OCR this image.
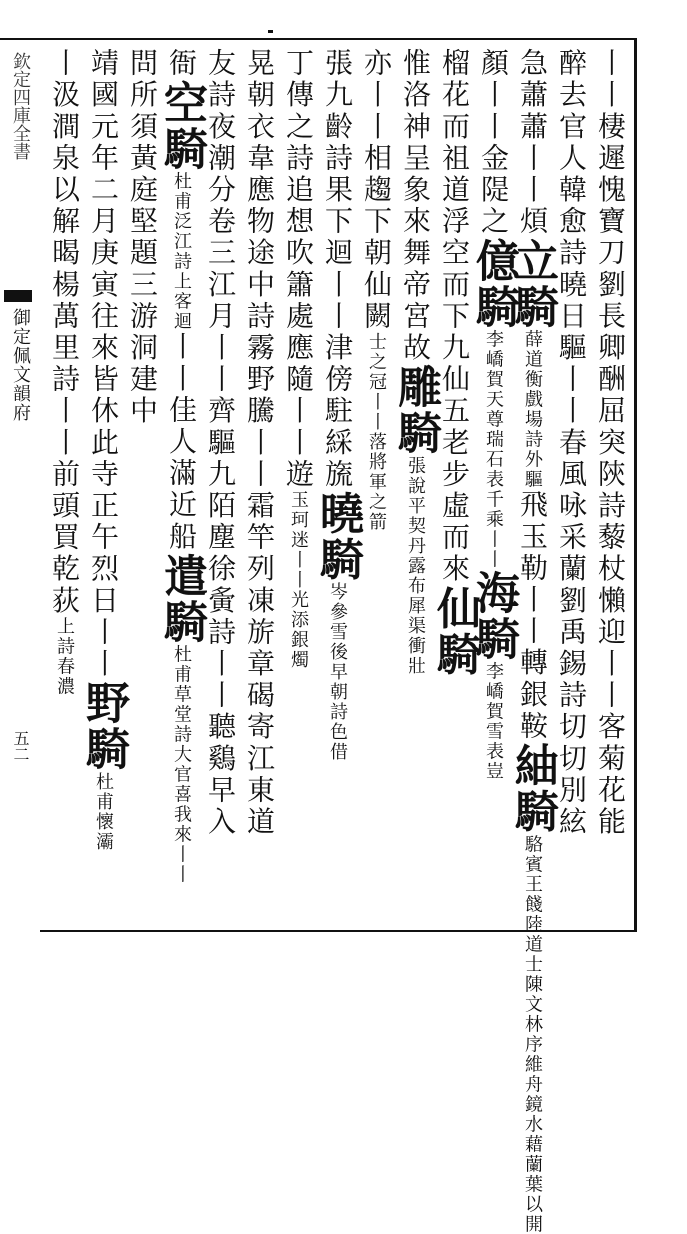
欽定四庫全書
御定佩文韻府
五二	丨丨棲遲愧寶刀劉長卿酬屈突陝詩藜杖懶迎丨丨客菊花能
醉去官人韓愈詩曉日驅丨丨春風咏采蘭劉禹錫詩切切別絃
急蕭蕭丨丨煩立騎薛道衡戲場詩外驅飛玉勒丨丨轉銀鞍紬騎駱賓王餞陸道士陳文林序維舟鏡水藉蘭葉以開
顏丨丨金隄之億騎李嶠賀天尊瑞石表千乘丨丨海騎李嶠賀雪表豈
榴花而祖道浮空而下九仙五老步虛而來仙騎
惟洛神呈象來舞帝宮故雕騎張說平契丹露布犀渠衝壯
亦丨丨相趨下朝仙闕士之冠丨丨落將軍之箭
張九齡詩果下迴丨丨津傍駐綵旒曉騎岑參雪後早朝詩色借
丁傳之詩追想吹簫處應隨丨丨遊玉珂迷丨丨光添銀燭
晃朝衣韋應物途中詩霧野騰丨丨霜竿列凍旂章碣寄江東道
友詩夜潮分卷三江月丨丨齊驅九陌塵徐夤詩丨丨聽鷄早入
衙空騎杜甫泛江詩上客迴丨丨佳人滿近船遣騎杜甫草堂詩大官喜我來丨丨
問所須黃庭堅題三游洞建中
靖國元年二月庚寅往來皆休此寺正午烈日丨丨野騎杜甫懷灞
丨汲澗泉以解暍楊萬里詩丨丨前頭買乾荻上詩春濃
